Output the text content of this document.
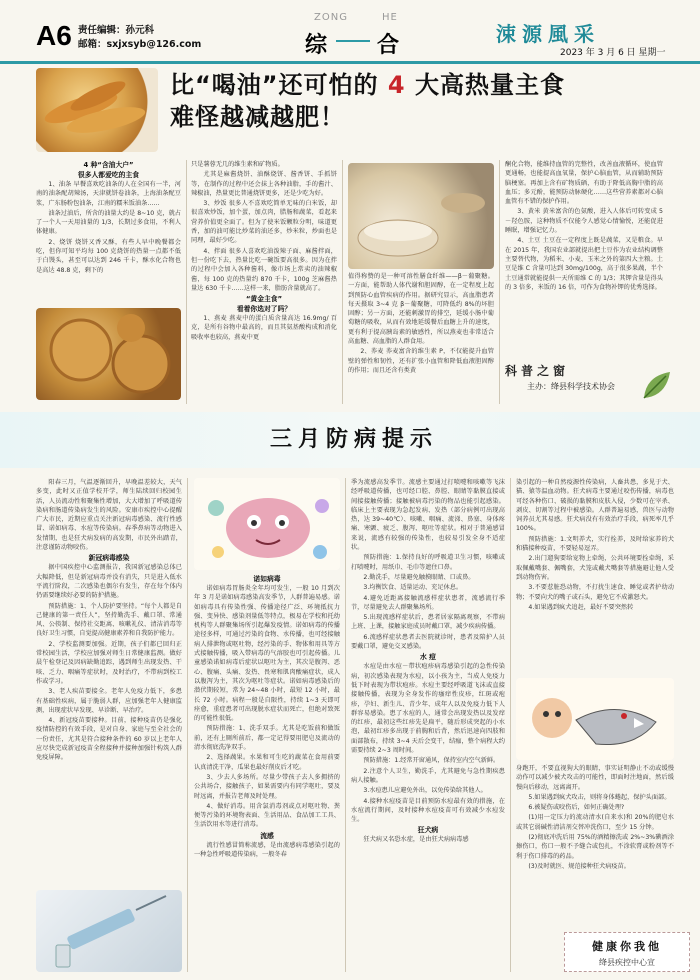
A6 责任编辑：孙元科
邮箱：sxjxsyb@126.com
ZONG	HE
综 合	涑源風采
2023 年 3 月 6 日 星期一
比“喝油”还可怕的 4 大高热量主食
难怪越减越肥！
4 种“含油大户”
很多人都爱吃的主食

1、油条 早餐喜欢吃油条的人在全国有一半，河南的油条配胡辣汤，天津就饼卷油条，上海油条配豆浆，广东肠粉包油条，江南的糯米饭油条……

油条过油后，所含的油量大约是 8~10 克，就占了一个人一天用油量的 1/3，长期过多食用，不利人体健康。

2、烧饼 烧饼又香又酥，有些人早中晚餐都会吃，但你可知平均每 100 克烧饼的热量一点都不低于白馒头，甚至可以达到 246 千卡，酥水化合物也是高达 48.8 克，剩下的

只是薯蓉无几的维生素和矿物质。

尤其是麻酱烧饼、油酥烧饼、酱香饼、手抓饼等，在制作的过程中还会抹上各种油脂，手的酱汁、辣椒油，热量更比普通烧饼更多，还是少吃为好。

3、炒饭 很多人不喜欢吃简单无味的白米饭，却很喜欢炒饭，加个蛋，加点肉，腊肠和蔬菜，看起来营养价值更全面了。但为了使米饭颗粒分明，味道更香，加的油可能比炒菜的油还多，炒米粒，炒面也是同理，最好少吃。

4、拌面 很多人喜欢吃油泼辣子面、麻酱拌面，但一份吃下去，热量比吃一碗饭要高很多。因为在拌的过程中会加入各种酱料，像市场上常卖的油辣椒酱，每 100 克的热量约 870 千卡，100g 芝麻酱热量达 630 千卡……这样一来，脂肪含量就高了。

“黄金主食”
看着你选对了吗？

1、燕麦 燕麦中的蛋白质含量高达 16.9mg/ 百克，是所有谷物中最高的，而且其氨基酸构成和消化吸收率也较高，燕麦中更

值得称赞的是一种可溶性膳食纤维——β－葡聚糖。一方面，能帮助人体代谢和胆固醇，在一定程度上起到预防心血管疾病的作用。据研究显示，高血脂患者每天摄取 3~4 克 β－葡聚糖，可降低约 8%的坏胆固醇；另一方面，还能刺激胃的排空，延缓小肠中葡萄糖的吸收，从而有效地延缓餐后血糖上升的速度，更有利于提高胰岛素的敏感性，所以燕麦也非常适合高血糖、高血脂的人群食用。

2、荞麦 荞麦富含的维生素 P，不仅能提升血管壁的弹性和韧性，还有扩张小血管和降低血液胆固醇的作用；而且还含有类黄

酮化合物，能维持血管的完整性，改善血液循环，使血管更通畅，也能提高血氧量，保护心脑血管，从而辅助预防脑梗塞。再加上含有矿物质硒，有助于降低高胸中脂的高血压；多元酚，能预防动脉硬化……这些营养素都对心脑血管有不错的保护作用。

3、黄米 黄米富含的色氨酸，进入人体后可转变成 5－羟色胺，这种物质不仅能令人感觉心情愉悦，还能促进睡眠，增强记忆力。

4、土豆 土豆在一定程度上既是蔬菜，又是粮食。早在 2015 年，我国农业部就提出把土豆作为农业结构调整主要替代物，为稻米、小麦、玉米之外的第四大主粮。土豆是维 C 含量可达到 30mg/100g，高于很多果蔬，半个土豆通常就能提供一天所需维 C 的 1/3；其钾含量是得头的 3 倍多，米饭的 16 倍，可作为食物补钾的优秀选择。

科普之窗
主办：绛县科学技术协会
三月防病提示

阳春三月，气温逐渐回升，早晚温差较大，天气多变，此时又正值学校开学，师生陆续回归校园生活，人员流动性和聚集性增加，大大增加了呼吸道传染病和肠道传染病发生的风险。安康市疾控中心提醒广大市民，近期应重点关注新冠病毒感染、流行性感冒、诺如病毒、水痘等传染病。春季鼻病等动物进入发情期，也是狂犬病发病的高发期，市民外出踏青，注意谨防动物咬伤。

新冠病毒感染

据中国疾控中心监测报告，我国新冠感染总体已大幅降低，但是新冠病毒并没有消失，只是进入低水平流行阶段，二次感染也偶尔有发生，存在每个体内仍需要继续好必要的防护措施。

预防措施：1、个人防护要坚持。“每个人都是自己健康的第一责任人”，坚持勤洗手、戴口罩、常通风、公筷制、保持社交距离、咳嗽礼仪、清洁消毒等良好卫生习惯，自觉提高健康素养和自我防护能力。

2、学校监测要加强。近期，孩子们都已回归正常校园生活，学校应加强对师生日常健康监测。做好晨午检登记及因病缺勤追踪，遇到师生出现发热、干咳、乏力、咽痛等症状时，及时治疗，不带病到校工作或学习。

3、老人疾苗要接全。老年人免疫力低下，多患有基础性疾病，属于脆弱人群，应加强老年人健康监测，出现症状早发现、早诊断、早治疗。

4、新冠疫苗要接种。目前，接种疫苗仍是强化疫情防控的有效手段，是对自身、家庭与至全社会的一份责任，尤其是符合接种条件的 60 岁以上老年人应尽快完成新冠疫苗全程接种并接种加强针构筑人群免疫屏障。

诺如病毒

诺如病毒胃肠炎全年均可发生，一般 10 月到次年 3 月是诺如病毒感染高发季节，人群普遍易感。诺如病毒具有传染性强、传播途径广泛、环境抵抗力强、变异快、感染剂量低等特点，极易在学校和托幼机构等人群聚集场所引起爆发疫情。诺如病毒的传播途径多样，可通过污染的食物、水传播，也可经接触病人排泄物或呕吐物，经污染的手、物体和用具等方式接触传播，吸入带病毒的气溶胶也可引起传播。儿童感染诺如病毒后症状以呕吐为主，其次是腹泻、恶心、腹痛、头痛、发热、畏寒和肌肉酸痛症状，成人以腹泻为主，其次为呕吐等症状。诺如病毒感染后的潜伏期较短，常为 24~48 小时，最短 12 小时，最长 72 小时。病程一般是自限性，持续 1~3 天即可痊愈，重症患者可出现脱水症状而死亡，但绝对致死的可能性很低。

预防措施：1、洗手双手。尤其是吃饭前和做饭前，还有上厕所前后，都一定记得要用肥皂及流动的清水彻底洗净双手。

2、选择蔬果。水果和可生吃的蔬菜在食用前要认真清洗干净，瓜果也最好削皮后才吃。

3、少去人多场所。尽量少带孩子去人多拥挤的公共场合，接触孩子，如果需要内有同学呕吐，要及时远离，并报告老师及时处理。

4、做好消毒。用含氯消毒剂或点对呕吐物、粪便等污染的环境物表面、生活用品、食品加工工具、生活饮用水等进行消毒。

流感

流行性感冒简称流感，是由流感病毒感染引起的一种急性呼吸道传染病，一般冬春

季为流感高发季节。流感主要通过打喷嚏和咳嗽等飞沫经呼吸道传播，也可经口腔、鼻腔、眼睛等黏膜直接或间接接触传播；接触被病毒污染的物品也能引起感染。临床上主要表现为急起发病、发热（部分病例可出现高热，达 39~40℃）、咳嗽、咽痛、流涕、鼻塞、身体疼痛、寒颤、疲乏、腹泻、呕吐等症状。相对于普通感冒来说，流感有较强的传染性，也较易引发全身不适症状。

预防措施：1.保持良好的呼吸道卫生习惯，咳嗽或打喷嚏时，用纸巾、毛巾等遮住口鼻。

2.勤洗手，尽量避免触摸眼睛、口或鼻。

3.均衡饮食、适量运动、充足休息。

4.避免近距离接触流感样症状患者，流感流行季节，尽量避免去人群聚集场所。

5.出现流感样症状后，患者居家隔离观察，不带病上班、上课，接触家庭成员时戴口罩，减少疾病传播。

6.流感样症状患者去医院就诊时，患者及陪护人员要戴口罩，避免交叉感染。

水 痘

水痘是由水痘－带状疱疹病毒感染引起的急性传染病，初次感染表现为水痘，以小孩为主，当成人免疫力低下时表现为带状疱疹。水痘主要经呼吸道飞沫或直接接触传播，表现为全身发作的瘙痒性皮疹，红斑或疱疹，孕妇、新生儿、青少年、成年人以及免疫力低下人群容易感染。患了水痘的人，通常会出现发热以及发痒的红疹，最初这些红疹先是扁平，随后形成突起的小水泡，最初红疹多出现于前胸和后背，然后迅速向四肢和面部散布，持续 3~4 天后会变干，结痂，整个病程大约需要持续 2~3 周时间。

预防措施：1.经常开窗通风，保持室内空气新鲜。

2.注意个人卫生，勤洗手，尤其避免与急性期疾患病人接触。

3.水痘患儿应避免外出，以免传染给其他人。

4.接种水痘疫苗是目前预防水痘最有效的措施，在水痘流行期间，及时接种水痘疫苗可有效减少水痘发生。

狂犬病

狂犬病又名恐水症，是由狂犬病病毒感

染引起的一种自然疫源性传染病，人畜共患，多见于犬、猫、猿等温血动物。狂犬病毒主要通过咬伤传播，病毒也可经各种伤口、破损的黏膜和皮肤入侵，少数可在宰杀、剥皮、切割等过程中被感染。人群普遍易感，兽医与动物饲养员尤其易感。狂犬病没有有效治疗手段，病死率几乎 100%。

预防措施：1.文明养犬，实行拴养，及时给家养的犬和猫接种疫苗，不要轻易逗弄。

2.出门遛狗要给宠物上牵绳，公共环境要拴牵绳，采取佩戴嘴套、佩嘴套，犬笼或戴犬嘴套等措施避让他人受到动物伤害。

3.不要惹脏恐动物，不打扰生速食、睡觉或者护幼动物；不要向犬的嘴子或石头，避免它不成激怒犬。

4.如果遇到疯犬追赶，最好不要突然转

身跑开，不要直视狗大的眼睛，事实证明静止不动或缓慢动作可以减少被犬攻击的可能性，即面时注地面，然后缓慢向后移动，远离离开。

5.如果遇到疯犬攻击，则将身体蜷起，保护头面部。

6.被疑伤或咬伤后，如何正确处理?

(1)用一定压力的流动清水(自来水)和 20%的肥皂水或其它弱碱性清洁剂交替冲洗伤口，至少 15 分钟。

(2)彻底冲洗后用 75%的酒精擦洗或 2%~3%碘酒涂擦伤口，伤口一般不予缝合或包扎，不涂软膏或粉剂等不利于伤口排毒的药品。

(3)及时就医、规范接种狂犬病疫苗。

健康你我他
绛县疾控中心宣
